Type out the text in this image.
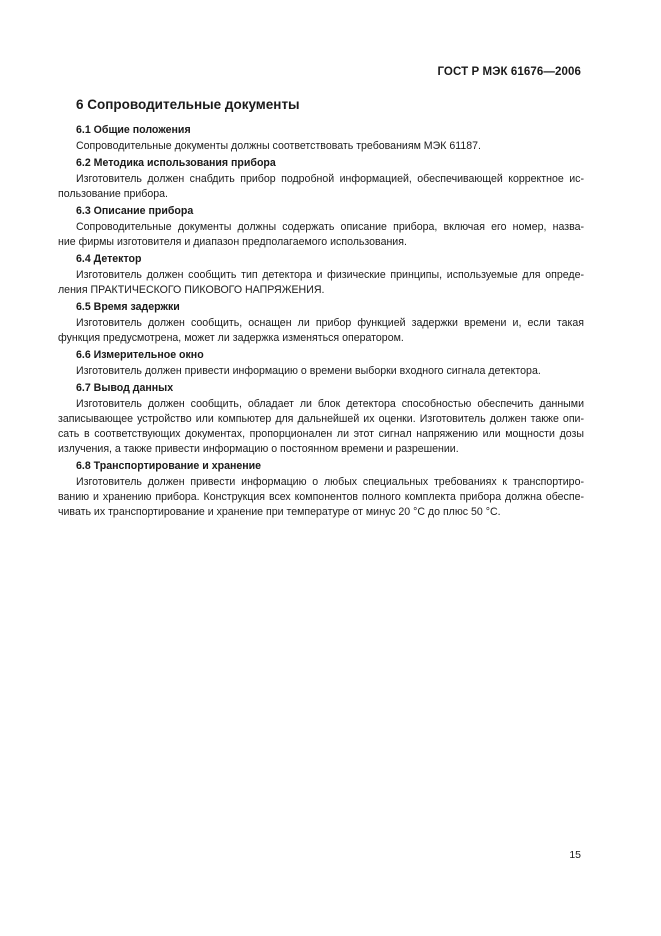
ГОСТ Р МЭК 61676—2006
6 Сопроводительные документы
6.1 Общие положения
Сопроводительные документы должны соответствовать требованиям МЭК 61187.
6.2 Методика использования прибора
Изготовитель должен снабдить прибор подробной информацией, обеспечивающей корректное ис-
пользование прибора.
6.3 Описание прибора
Сопроводительные документы должны содержать описание прибора, включая его номер, назва-
ние фирмы изготовителя и диапазон предполагаемого использования.
6.4 Детектор
Изготовитель должен сообщить тип детектора и физические принципы, используемые для опреде-
ления ПРАКТИЧЕСКОГО ПИКОВОГО НАПРЯЖЕНИЯ.
6.5 Время задержки
Изготовитель должен сообщить, оснащен ли прибор функцией задержки времени и, если такая
функция предусмотрена, может ли задержка изменяться оператором.
6.6 Измерительное окно
Изготовитель должен привести информацию о времени выборки входного сигнала детектора.
6.7 Вывод данных
Изготовитель должен сообщить, обладает ли блок детектора способностью обеспечить данными
записывающее устройство или компьютер для дальнейшей их оценки. Изготовитель должен также опи-
сать в соответствующих документах, пропорционален ли этот сигнал напряжению или мощности дозы
излучения, а также привести информацию о постоянном времени и разрешении.
6.8 Транспортирование и хранение
Изготовитель должен привести информацию о любых специальных требованиях к транспортиро-
ванию и хранению прибора. Конструкция всех компонентов полного комплекта прибора должна обеспе-
чивать их транспортирование и хранение при температуре от минус 20 °С до плюс 50 °С.
15
